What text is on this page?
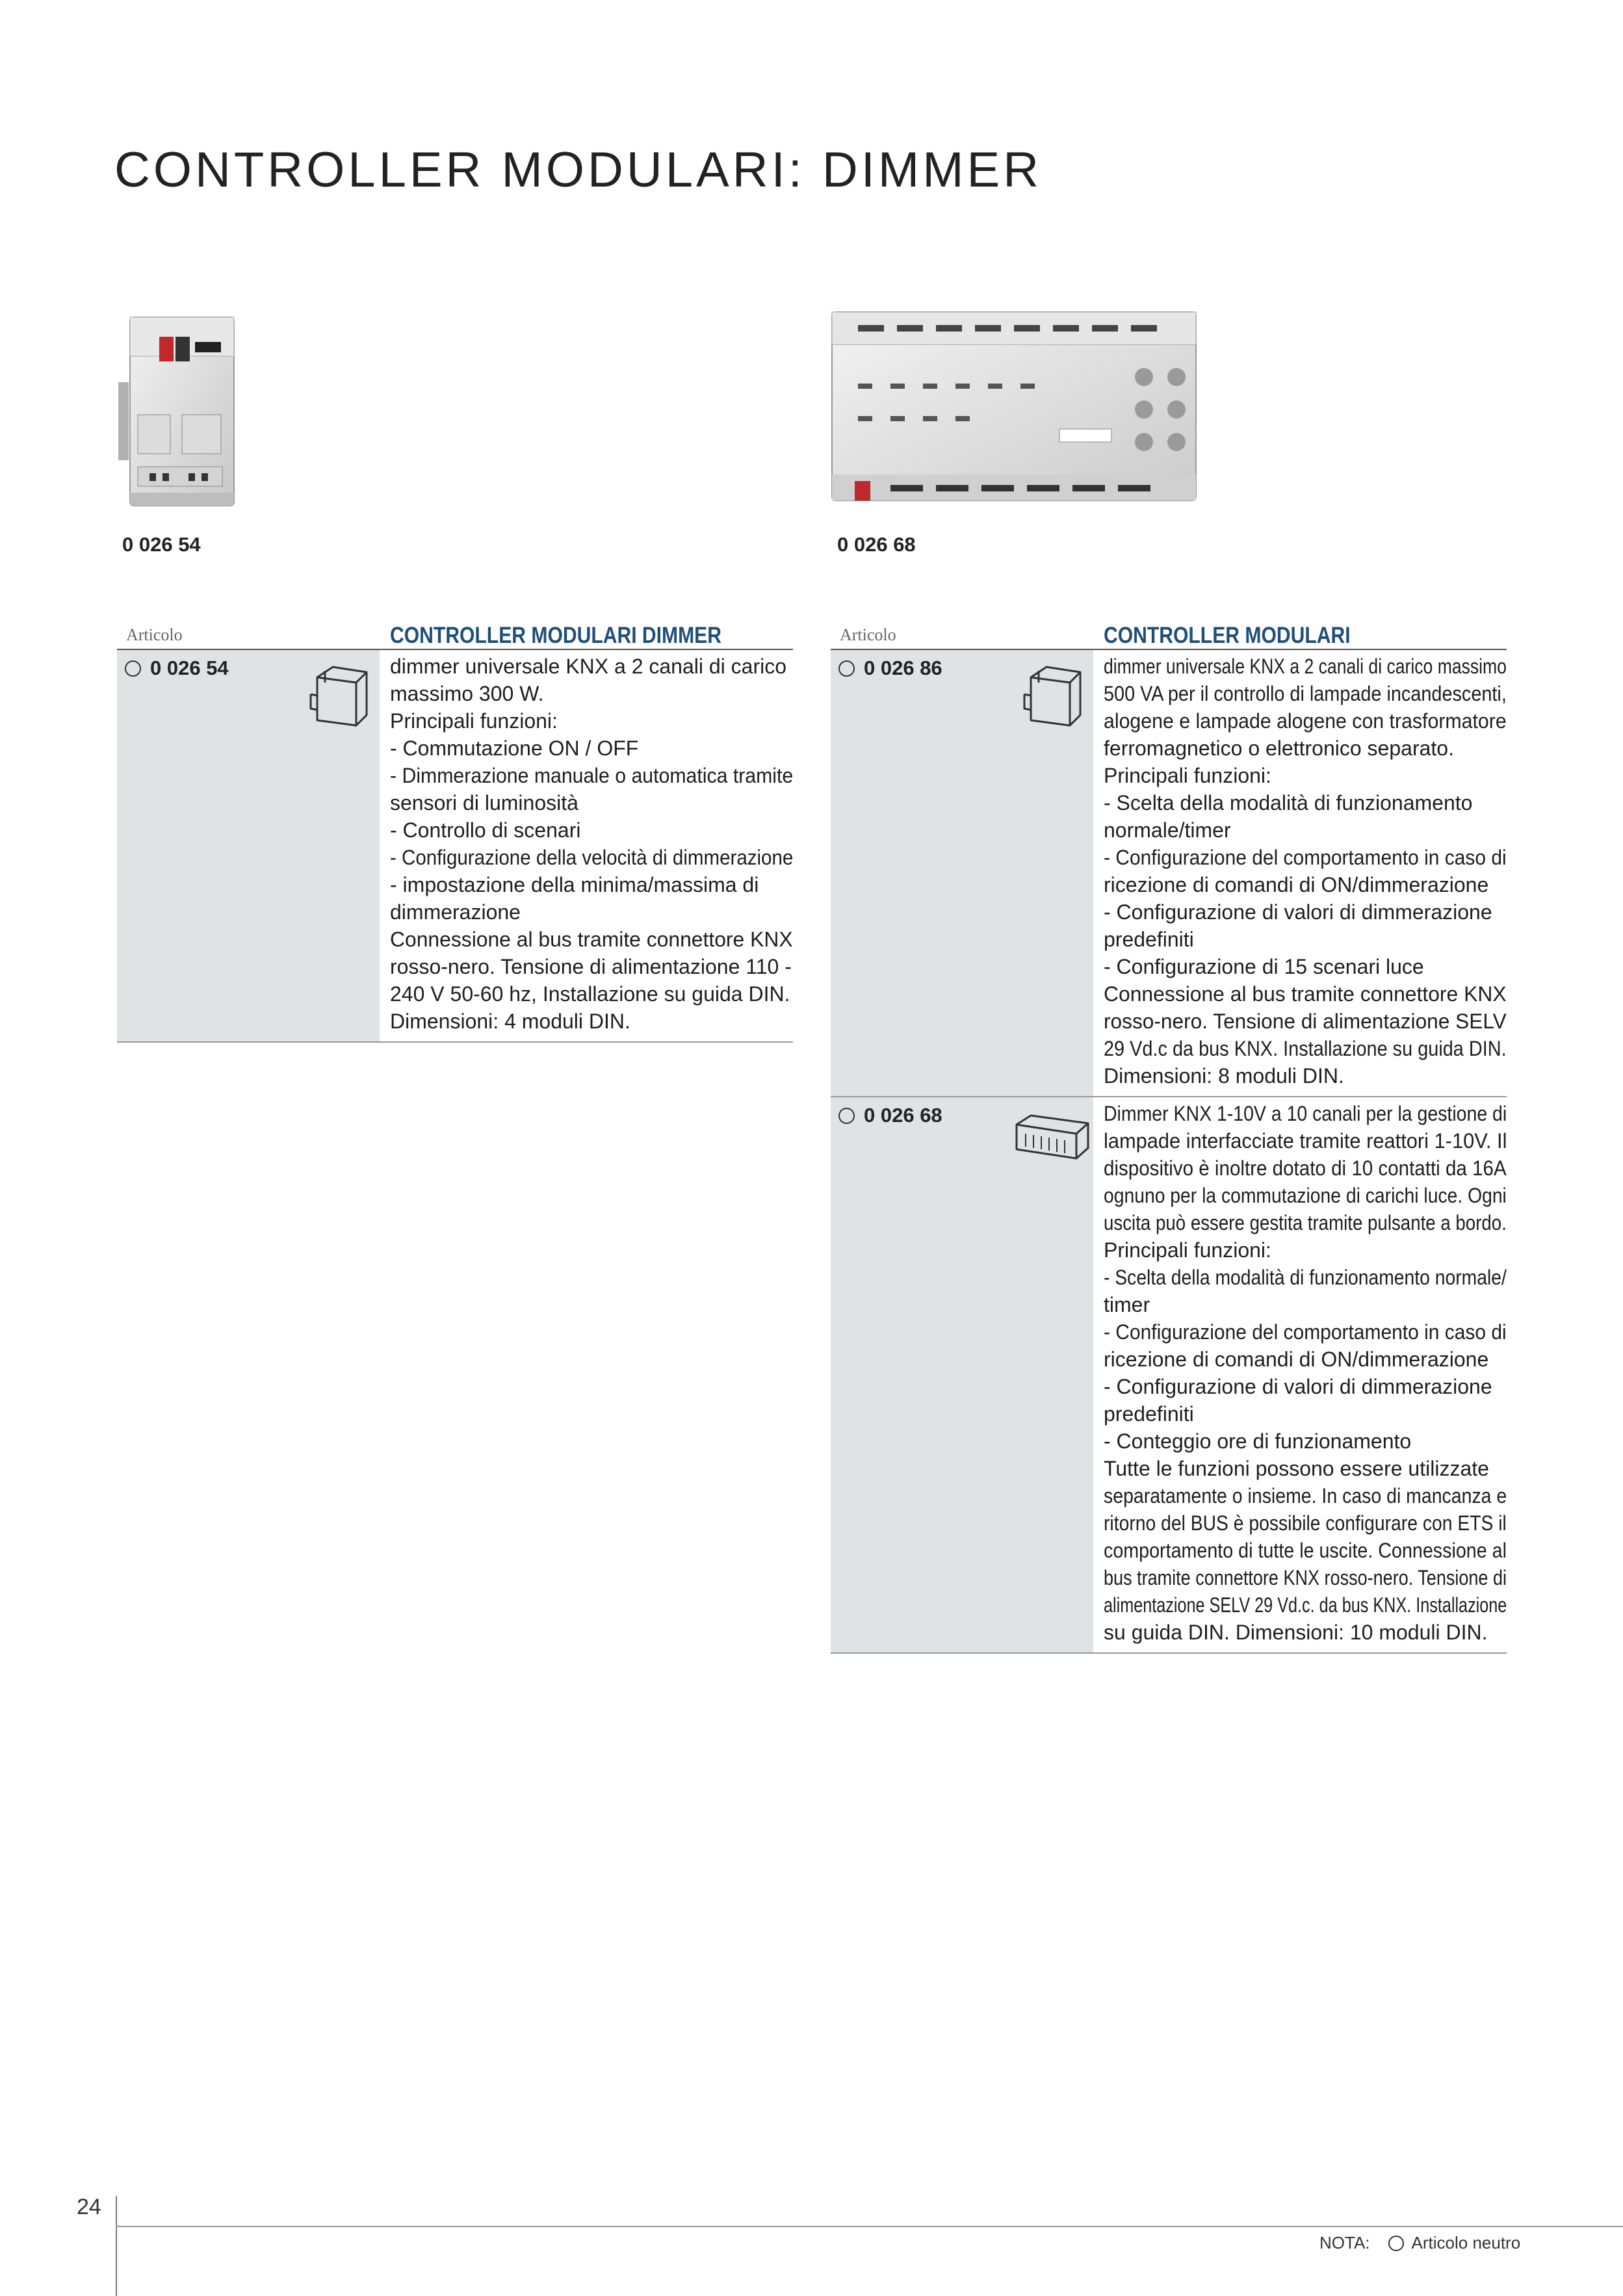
CONTROLLER MODULARI: DIMMER
0 026 54	0 026 68
Articolo	CONTROLLER MODULARI DIMMER
0 026 54	dimmer universale KNX a 2 canali di carico
massimo 300 W.
Principali funzioni:
- Commutazione ON / OFF
- Dimmerazione manuale o automatica tramite
sensori di luminosità
- Controllo di scenari
- Configurazione della velocità di dimmerazione
- impostazione della minima/massima di
dimmerazione
Connessione al bus tramite connettore KNX
rosso-nero. Tensione di alimentazione 110 -
240 V 50-60 hz, Installazione su guida DIN.
Dimensioni: 4 moduli DIN.
Articolo	CONTROLLER MODULARI
0 026 86	dimmer universale KNX a 2 canali di carico massimo
500 VA per il controllo di lampade incandescenti,
alogene e lampade alogene con trasformatore
ferromagnetico o elettronico separato.
Principali funzioni:
- Scelta della modalità di funzionamento
normale/timer
- Configurazione del comportamento in caso di
ricezione di comandi di ON/dimmerazione
- Configurazione di valori di dimmerazione
predefiniti
- Configurazione di 15 scenari luce
Connessione al bus tramite connettore KNX
rosso-nero. Tensione di alimentazione SELV
29 Vd.c da bus KNX. Installazione su guida DIN.
Dimensioni: 8 moduli DIN.
0 026 68	Dimmer KNX 1-10V a 10 canali per la gestione di
lampade interfacciate tramite reattori 1-10V. Il
dispositivo è inoltre dotato di 10 contatti da 16A
ognuno per la commutazione di carichi luce. Ogni
uscita può essere gestita tramite pulsante a bordo.
Principali funzioni:
- Scelta della modalità di funzionamento normale/
timer
- Configurazione del comportamento in caso di
ricezione di comandi di ON/dimmerazione
- Configurazione di valori di dimmerazione
predefiniti
- Conteggio ore di funzionamento
Tutte le funzioni possono essere utilizzate
separatamente o insieme. In caso di mancanza e
ritorno del BUS è possibile configurare con ETS il
comportamento di tutte le uscite. Connessione al
bus tramite connettore KNX rosso-nero. Tensione di
alimentazione SELV 29 Vd.c. da bus KNX. Installazione
su guida DIN. Dimensioni: 10 moduli DIN.
24
NOTA: Articolo neutro
